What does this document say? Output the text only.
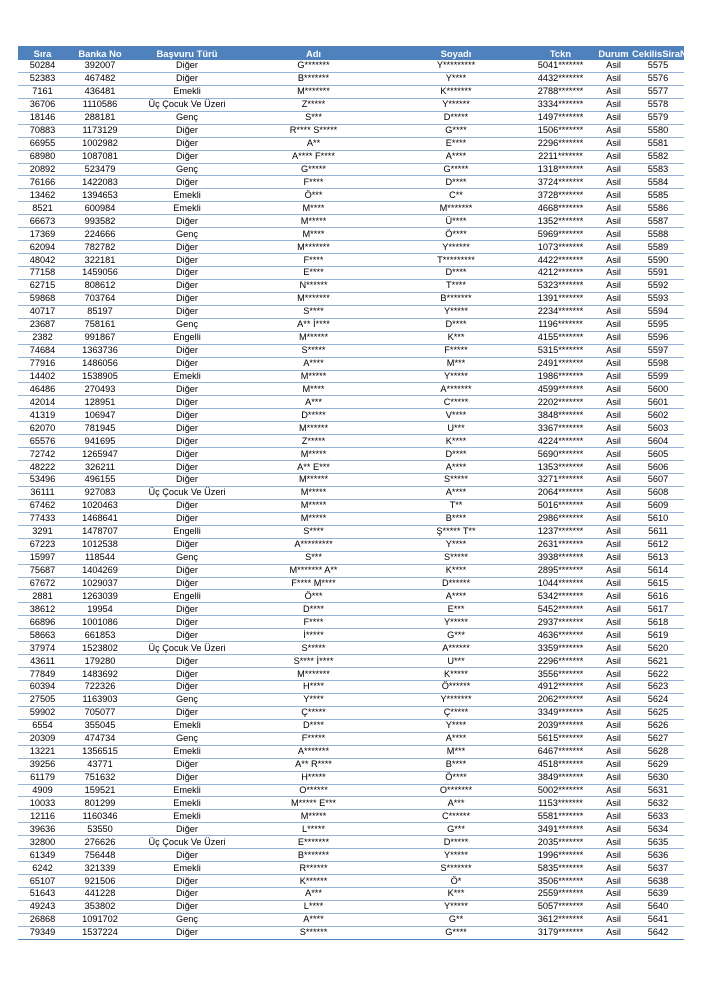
Sıra	Banka No	Başvuru Türü	Adı	Soyadı	Tckn	Durum	CekilisSiraNo
50284	392007	Diğer	G*******	Y*********	5041*******	Asil	5575
52383	467482	Diğer	B*******	Y****	4432*******	Asil	5576
7161	436481	Emekli	M*******	K*******	2788*******	Asil	5577
36706	1110586	Üç Çocuk Ve Üzeri	Z*****	Y******	3334*******	Asil	5578
18146	288181	Genç	S***	D*****	1497*******	Asil	5579
70883	1173129	Diğer	R**** S*****	G****	1506*******	Asil	5580
66955	1002982	Diğer	A**	E****	2296*******	Asil	5581
68980	1087081	Diğer	A**** F****	A****	2211*******	Asil	5582
20892	523479	Genç	G*****	G*****	1318*******	Asil	5583
76166	1422083	Diğer	F****	D****	3724*******	Asil	5584
13462	1394653	Emekli	Ö***	C**	3728*******	Asil	5585
8521	600984	Emekli	M****	M*******	4668*******	Asil	5586
66673	993582	Diğer	M*****	Ü****	1352*******	Asil	5587
17369	224666	Genç	M****	Ö****	5969*******	Asil	5588
62094	782782	Diğer	M*******	Y******	1073*******	Asil	5589
48042	322181	Diğer	F****	T*********	4422*******	Asil	5590
77158	1459056	Diğer	E****	D****	4212*******	Asil	5591
62715	808612	Diğer	N******	T****	5323*******	Asil	5592
59868	703764	Diğer	M*******	B*******	1391*******	Asil	5593
40717	85197	Diğer	S****	Y*****	2234*******	Asil	5594
23687	758161	Genç	A** İ****	D****	1196*******	Asil	5595
2382	991867	Engelli	M******	K***	4155*******	Asil	5596
74684	1363736	Diğer	S*****	F*****	5315*******	Asil	5597
77916	1486056	Diğer	A****	M***	2491*******	Asil	5598
14402	1538905	Emekli	M*****	Y*****	1986*******	Asil	5599
46486	270493	Diğer	M****	A*******	4599*******	Asil	5600
42014	128951	Diğer	A***	C*****	2202*******	Asil	5601
41319	106947	Diğer	D*****	V****	3848*******	Asil	5602
62070	781945	Diğer	M******	U***	3367*******	Asil	5603
65576	941695	Diğer	Z*****	K****	4224*******	Asil	5604
72742	1265947	Diğer	M*****	D****	5690*******	Asil	5605
48222	326211	Diğer	A** E***	A****	1353*******	Asil	5606
53496	496155	Diğer	M******	S*****	3271*******	Asil	5607
36111	927083	Üç Çocuk Ve Üzeri	M*****	A****	2064*******	Asil	5608
67462	1020463	Diğer	M*****	T**	5016*******	Asil	5609
77433	1468641	Diğer	M*****	B****	2986*******	Asil	5610
3291	1478707	Engelli	S****	Ş***** T**	1237*******	Asil	5611
67223	1012538	Diğer	A*********	Y****	2631*******	Asil	5612
15997	118544	Genç	S***	S*****	3938*******	Asil	5613
75687	1404269	Diğer	M******* A**	K****	2895*******	Asil	5614
67672	1029037	Diğer	F**** M****	D******	1044*******	Asil	5615
2881	1263039	Engelli	Ö***	A****	5342*******	Asil	5616
38612	19954	Diğer	D****	E***	5452*******	Asil	5617
66896	1001086	Diğer	F****	Y*****	2937*******	Asil	5618
58663	661853	Diğer	İ*****	G***	4636*******	Asil	5619
37974	1523802	Üç Çocuk Ve Üzeri	S*****	A******	3359*******	Asil	5620
43611	179280	Diğer	S**** İ****	U***	2296*******	Asil	5621
77849	1483692	Diğer	M*******	K*****	3556*******	Asil	5622
60394	722326	Diğer	H****	Ö******	4912*******	Asil	5623
27505	1163903	Genç	Y****	Y*******	2062*******	Asil	5624
59902	705077	Diğer	Ç*****	Ç*****	3349*******	Asil	5625
6554	355045	Emekli	D****	Y****	2039*******	Asil	5626
20309	474734	Genç	F*****	A****	5615*******	Asil	5627
13221	1356515	Emekli	A*******	M***	6467*******	Asil	5628
39256	43771	Diğer	A** R****	B****	4518*******	Asil	5629
61179	751632	Diğer	H*****	Ö****	3849*******	Asil	5630
4909	159521	Emekli	O******	O*******	5002*******	Asil	5631
10033	801299	Emekli	M***** E***	A***	1153*******	Asil	5632
12116	1160346	Emekli	M*****	C******	5581*******	Asil	5633
39636	53550	Diğer	L*****	G***	3491*******	Asil	5634
32800	276626	Üç Çocuk Ve Üzeri	E*******	D*****	2035*******	Asil	5635
61349	756448	Diğer	B*******	Y*****	1996*******	Asil	5636
6242	321339	Emekli	R******	S*******	5835*******	Asil	5637
65107	921506	Diğer	K******	Ö*	3506*******	Asil	5638
51643	441228	Diğer	A***	K***	2559*******	Asil	5639
49243	353802	Diğer	L****	Y*****	5057*******	Asil	5640
26868	1091702	Genç	A****	G**	3612*******	Asil	5641
79349	1537224	Diğer	S******	G****	3179*******	Asil	5642
